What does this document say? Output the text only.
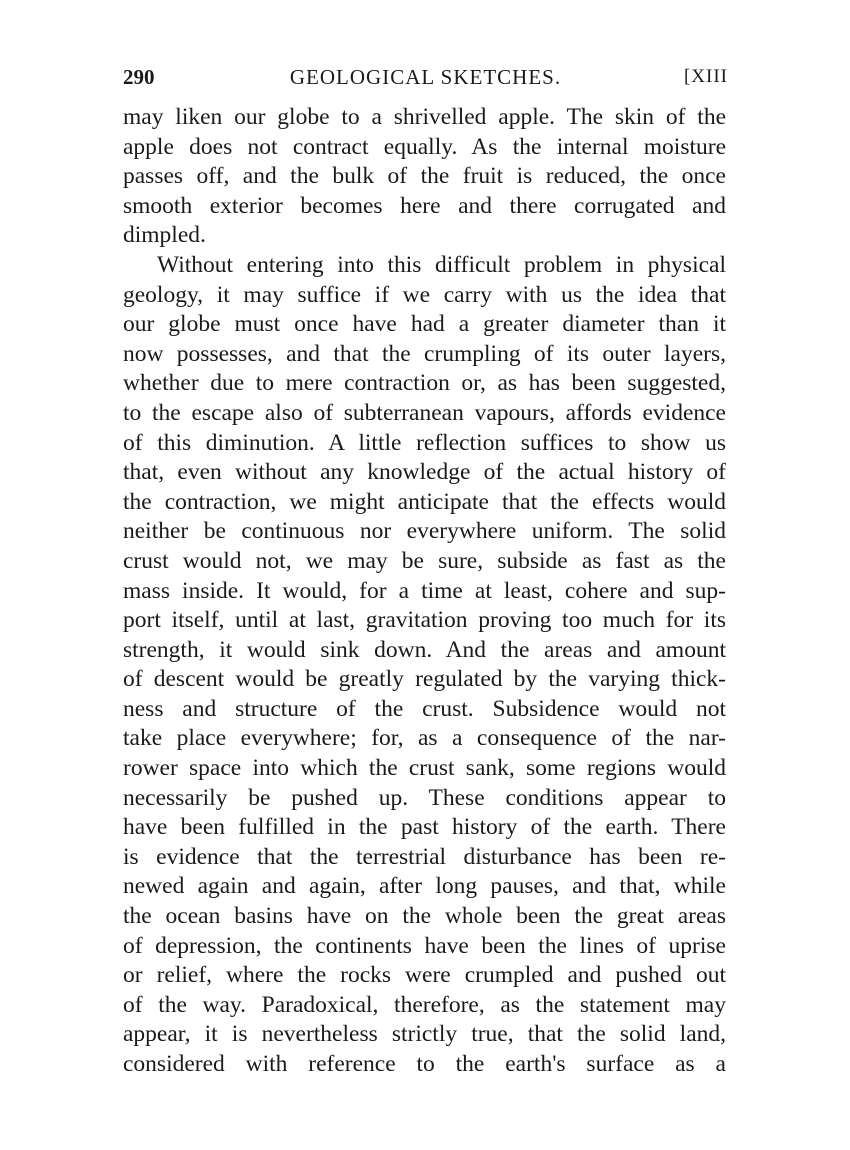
290	GEOLOGICAL SKETCHES.	[XIII
may liken our globe to a shrivelled apple. The skin of the
apple does not contract equally. As the internal moisture
passes off, and the bulk of the fruit is reduced, the once
smooth exterior becomes here and there corrugated and
dimpled.
Without entering into this difficult problem in physical
geology, it may suffice if we carry with us the idea that
our globe must once have had a greater diameter than it
now possesses, and that the crumpling of its outer layers,
whether due to mere contraction or, as has been suggested,
to the escape also of subterranean vapours, affords evidence
of this diminution. A little reflection suffices to show us
that, even without any knowledge of the actual history of
the contraction, we might anticipate that the effects would
neither be continuous nor everywhere uniform. The solid
crust would not, we may be sure, subside as fast as the
mass inside. It would, for a time at least, cohere and sup-
port itself, until at last, gravitation proving too much for its
strength, it would sink down. And the areas and amount
of descent would be greatly regulated by the varying thick-
ness and structure of the crust. Subsidence would not
take place everywhere; for, as a consequence of the nar-
rower space into which the crust sank, some regions would
necessarily be pushed up. These conditions appear to
have been fulfilled in the past history of the earth. There
is evidence that the terrestrial disturbance has been re-
newed again and again, after long pauses, and that, while
the ocean basins have on the whole been the great areas
of depression, the continents have been the lines of uprise
or relief, where the rocks were crumpled and pushed out
of the way. Paradoxical, therefore, as the statement may
appear, it is nevertheless strictly true, that the solid land,
considered with reference to the earth's surface as a
